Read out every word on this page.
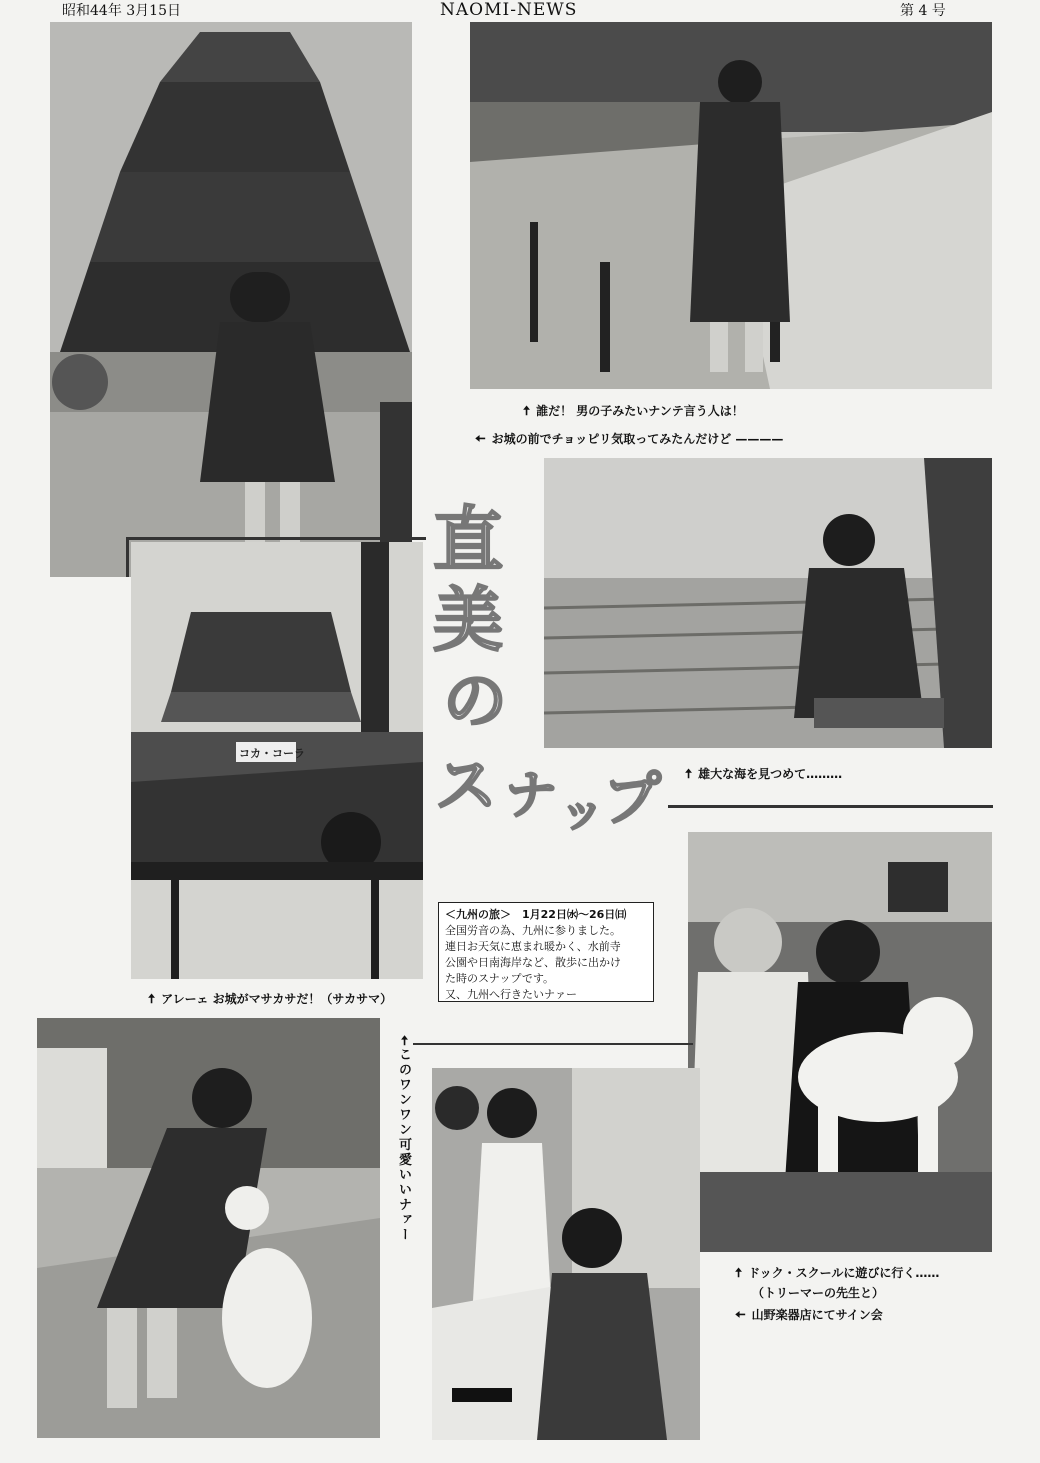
昭和44年 3月15日	NAOMI-NEWS	第 4 号
🠅 誰だ！ 男の子みたいナンテ言う人は！
🠄 お城の前でチョッピリ気取ってみたんだけど ————
🠅 雄大な海を見つめて………
コカ・コーラ
🠅 アレーェ お城がマサカサだ！（サカサマ）
直
美
の
ス ナ ッ プ
＜九州の旅＞　1月22日㈬〜26日㈰
全国労音の為、九州に参りました。
連日お天気に恵まれ暖かく、水前寺
公園や日南海岸など、散歩に出かけ
た時のスナップです。
又、九州へ行きたいナァー
🠅 ドック・スクールに遊びに行く……
（トリーマーの先生と）
🠄 山野楽器店にてサイン会
🠄このワンワン可愛いいナァー
